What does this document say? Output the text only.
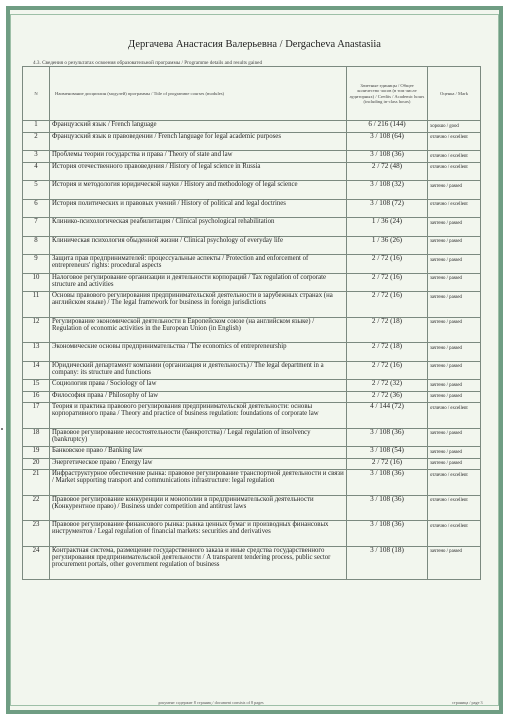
Дергачева Анастасия Валерьевна / Dergacheva Anastasiia
4.3. Сведения о результатах освоения образовательной программы / Programme details and results gained
N	Наименование дисциплин (модулей) программы / Title of programme courses (modules)	Зачетные единицы / Общее количество часов (в том числе аудиторных) / Credits / Academic hours (including in-class hours)	Оценка / Mark
1	Французский язык / French language	6 / 216 (144)	хорошо / good
2	Французский язык в правоведении / French language for legal academic purposes	3 / 108 (64)	отлично / excellent
3	Проблемы теории государства и права / Theory of state and law	3 / 108 (36)	отлично / excellent
4	История отечественного правоведения / History of legal science in Russia	2 / 72 (48)	отлично / excellent
5	История и методология юридической науки / History and methodology of legal science	3 / 108 (32)	зачтено / passed
6	История политических и правовых учений / History of political and legal doctrines	3 / 108 (72)	отлично / excellent
7	Клинико-психологическая реабилитация / Clinical psychological rehabilitation	1 / 36 (24)	зачтено / passed
8	Клиническая психология обыденной жизни / Clinical psychology of everyday life	1 / 36 (26)	зачтено / passed
9	Защита прав предпринимателей: процессуальные аспекты / Protection and enforcement of entrepreneurs' rights: procedural aspects	2 / 72 (16)	зачтено / passed
10	Налоговое регулирование организации и деятельности корпораций / Tax regulation of corporate structure and activities	2 / 72 (16)	зачтено / passed
11	Основы правового регулирования предпринимательской деятельности в зарубежных странах (на английском языке) / The legal framework for business in foreign jurisdictions	2 / 72 (16)	зачтено / passed
12	Регулирование экономической деятельности в Европейском союзе (на английском языке) / Regulation of economic activities in the European Union (in English)	2 / 72 (18)	зачтено / passed
13	Экономические основы предпринимательства / The economics of entrepreneurship	2 / 72 (18)	зачтено / passed
14	Юридический департамент компании (организация и деятельность) / The legal department in a company: its structure and functions	2 / 72 (16)	зачтено / passed
15	Социология права / Sociology of law	2 / 72 (32)	зачтено / passed
16	Философия права / Philosophy of law	2 / 72 (36)	зачтено / passed
17	Теория и практика правового регулирования предпринимательской деятельности: основы корпоративного права / Theory and practice of business regulation: foundations of corporate law	4 / 144 (72)	отлично / excellent
18	Правовое регулирование несостоятельности (банкротства) / Legal regulation of insolvency (bankruptcy)	3 / 108 (36)	зачтено / passed
19	Банковское право / Banking law	3 / 108 (54)	зачтено / passed
20	Энергетическое право / Energy law	2 / 72 (16)	зачтено / passed
21	Инфраструктурное обеспечение рынка: правовое регулирование транспортной деятельности и связи / Market supporting transport and communications infrastructure: legal regulation	3 / 108 (36)	отлично / excellent
22	Правовое регулирование конкуренции и монополии в предпринимательской деятельности (Конкурентное право) / Business under competition and antitrust laws	3 / 108 (36)	отлично / excellent
23	Правовое регулирование финансового рынка: рынка ценных бумаг и производных финансовых инструментов / Legal regulation of financial markets: securities and derivatives	3 / 108 (36)	отлично / excellent
24	Контрактная система, размещение государственного заказа и иные средства государственного регулирования предпринимательской деятельности / A transparent tendering process, public sector procurement portals, other government regulation of business	3 / 108 (18)	зачтено / passed
документ содержит 8 страниц / document consists of 8 pages	страница / page 3
